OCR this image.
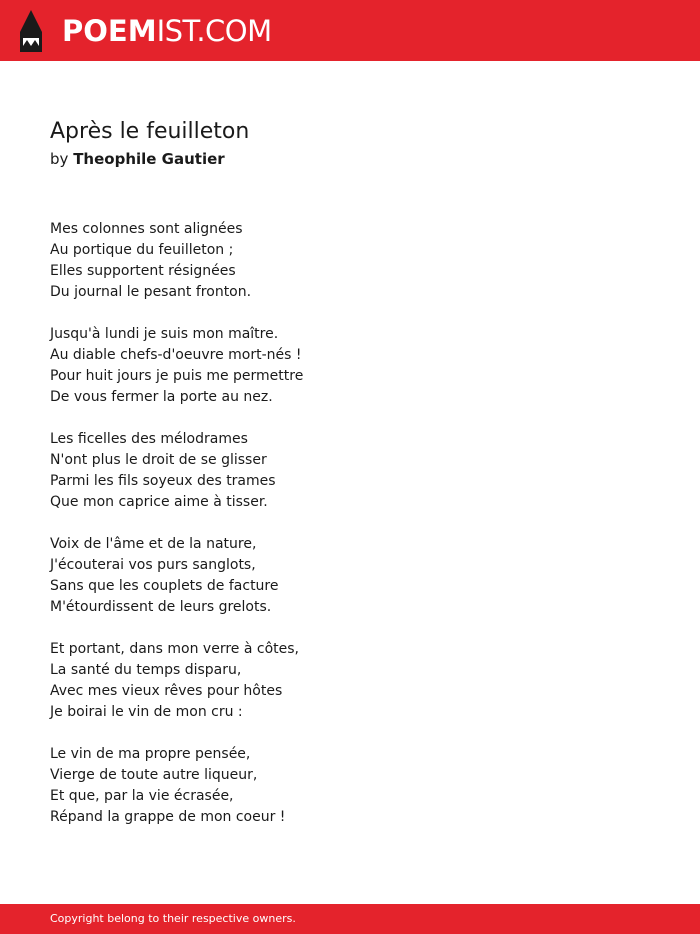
POEMIST.COM
Après le feuilleton
by Theophile Gautier
Mes colonnes sont alignées
Au portique du feuilleton ;
Elles supportent résignées
Du journal le pesant fronton.
Jusqu'à lundi je suis mon maître.
Au diable chefs-d'oeuvre mort-nés !
Pour huit jours je puis me permettre
De vous fermer la porte au nez.
Les ficelles des mélodrames
N'ont plus le droit de se glisser
Parmi les fils soyeux des trames
Que mon caprice aime à tisser.
Voix de l'âme et de la nature,
J'écouterai vos purs sanglots,
Sans que les couplets de facture
M'étourdissent de leurs grelots.
Et portant, dans mon verre à côtes,
La santé du temps disparu,
Avec mes vieux rêves pour hôtes
Je boirai le vin de mon cru :
Le vin de ma propre pensée,
Vierge de toute autre liqueur,
Et que, par la vie écrasée,
Répand la grappe de mon coeur !
Copyright belong to their respective owners.
